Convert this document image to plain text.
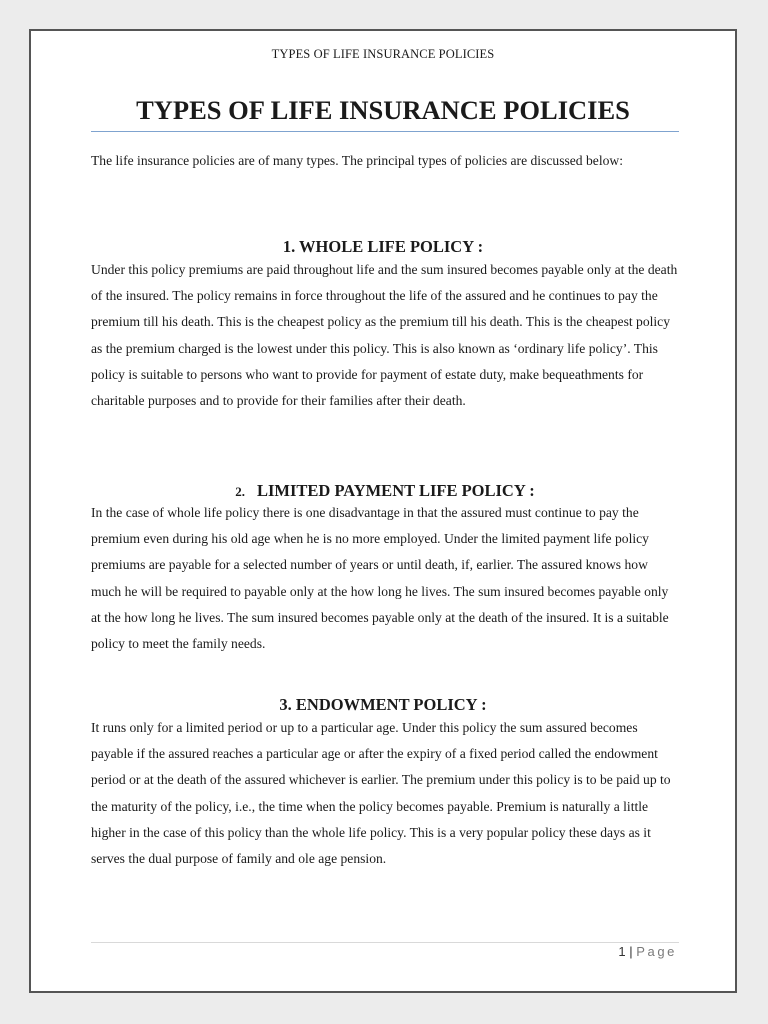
TYPES OF LIFE INSURANCE POLICIES
TYPES OF LIFE INSURANCE POLICIES

The life insurance policies are of many types. The principal types of policies are discussed below:

1. WHOLE LIFE POLICY :

Under this policy premiums are paid throughout life and the sum insured becomes payable only at the death of the insured. The policy remains in force throughout the life of the assured and he continues to pay the premium till his death. This is the cheapest policy as the premium till his death. This is the cheapest policy as the premium charged is the lowest under this policy. This is also known as ‘ordinary life policy’. This policy is suitable to persons who want to provide for payment of estate duty, make bequeathments for charitable purposes and to provide for their families after their death.

2. LIMITED PAYMENT LIFE POLICY :

In the case of whole life policy there is one disadvantage in that the assured must continue to pay the premium even during his old age when he is no more employed. Under the limited payment life policy premiums are payable for a selected number of years or until death, if, earlier. The assured knows how much he will be required to payable only at the how long he lives. The sum insured becomes payable only at the how long he lives. The sum insured becomes payable only at the death of the insured. It is a suitable policy to meet the family needs.

3. ENDOWMENT POLICY :

It runs only for a limited period or up to a particular age. Under this policy the sum assured becomes payable if the assured reaches a particular age or after the expiry of a fixed period called the endowment period or at the death of the assured whichever is earlier. The premium under this policy is to be paid up to the maturity of the policy, i.e., the time when the policy becomes payable. Premium is naturally a little higher in the case of this policy than the whole life policy. This is a very popular policy these days as it serves the dual purpose of family and ole age pension.

1 | Page
